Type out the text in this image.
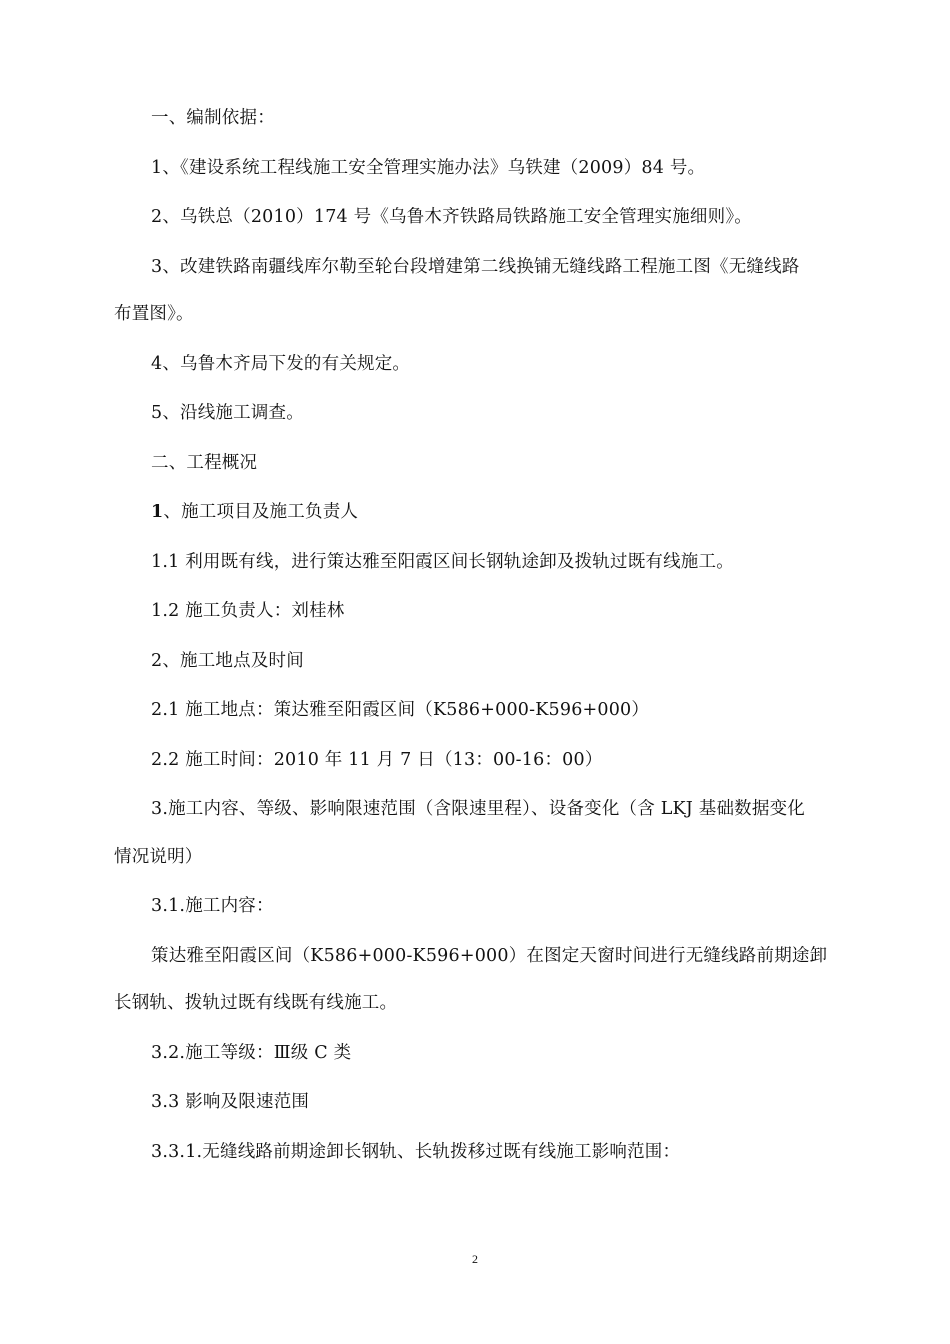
一、编制依据：
1、《建设系统工程线施工安全管理实施办法》乌铁建（2009）84 号。
2、乌铁总（2010）174 号《乌鲁木齐铁路局铁路施工安全管理实施细则》。
3、改建铁路南疆线库尔勒至轮台段增建第二线换铺无缝线路工程施工图《无缝线路
布置图》。
4、乌鲁木齐局下发的有关规定。
5、沿线施工调查。
二、工程概况
1、施工项目及施工负责人
1.1 利用既有线，进行策达雅至阳霞区间长钢轨途卸及拨轨过既有线施工。
1.2 施工负责人：刘桂林
2、施工地点及时间
2.1 施工地点：策达雅至阳霞区间（K586+000-K596+000）
2.2 施工时间：2010 年 11 月 7 日（13：00-16：00）
3.施工内容、等级、影响限速范围（含限速里程）、设备变化（含 LKJ 基础数据变化
情况说明）
3.1.施工内容：
策达雅至阳霞区间（K586+000-K596+000）在图定天窗时间进行无缝线路前期途卸
长钢轨、拨轨过既有线既有线施工。
3.2.施工等级：Ⅲ级 C 类
3.3 影响及限速范围
3.3.1.无缝线路前期途卸长钢轨、长轨拨移过既有线施工影响范围：
2
